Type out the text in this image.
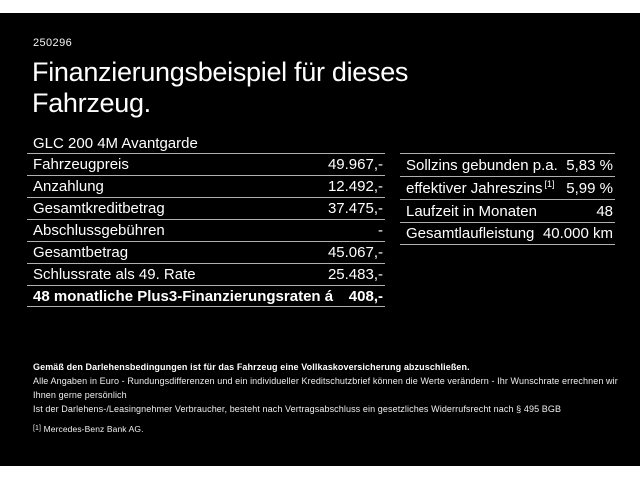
250296
Finanzierungsbeispiel für dieses
Fahrzeug.
GLC 200 4M Avantgarde
Fahrzeugpreis	49.967,-
Anzahlung	12.492,-
Gesamtkreditbetrag	37.475,-
Abschlussgebühren	-
Gesamtbetrag	45.067,-
Schlussrate als 49. Rate	25.483,-
48 monatliche Plus3-Finanzierungsraten á 408,-
Sollzins gebunden p.a. 5,83 %
effektiver Jahreszins [1] 5,99 %
Laufzeit in Monaten	48
Gesamtlaufleistung 40.000 km

Gemäß den Darlehensbedingungen ist für das Fahrzeug eine Vollkaskoversicherung abzuschließen.

Alle Angaben in Euro - Rundungsdifferenzen und ein individueller Kreditschutzbrief können die Werte verändern - Ihr Wunschrate errechnen wir Ihnen gerne persönlich

Ist der Darlehens-/Leasingnehmer Verbraucher, besteht nach Vertragsabschluss ein gesetzliches Widerrufsrecht nach § 495 BGB

[1] Mercedes-Benz Bank AG.
